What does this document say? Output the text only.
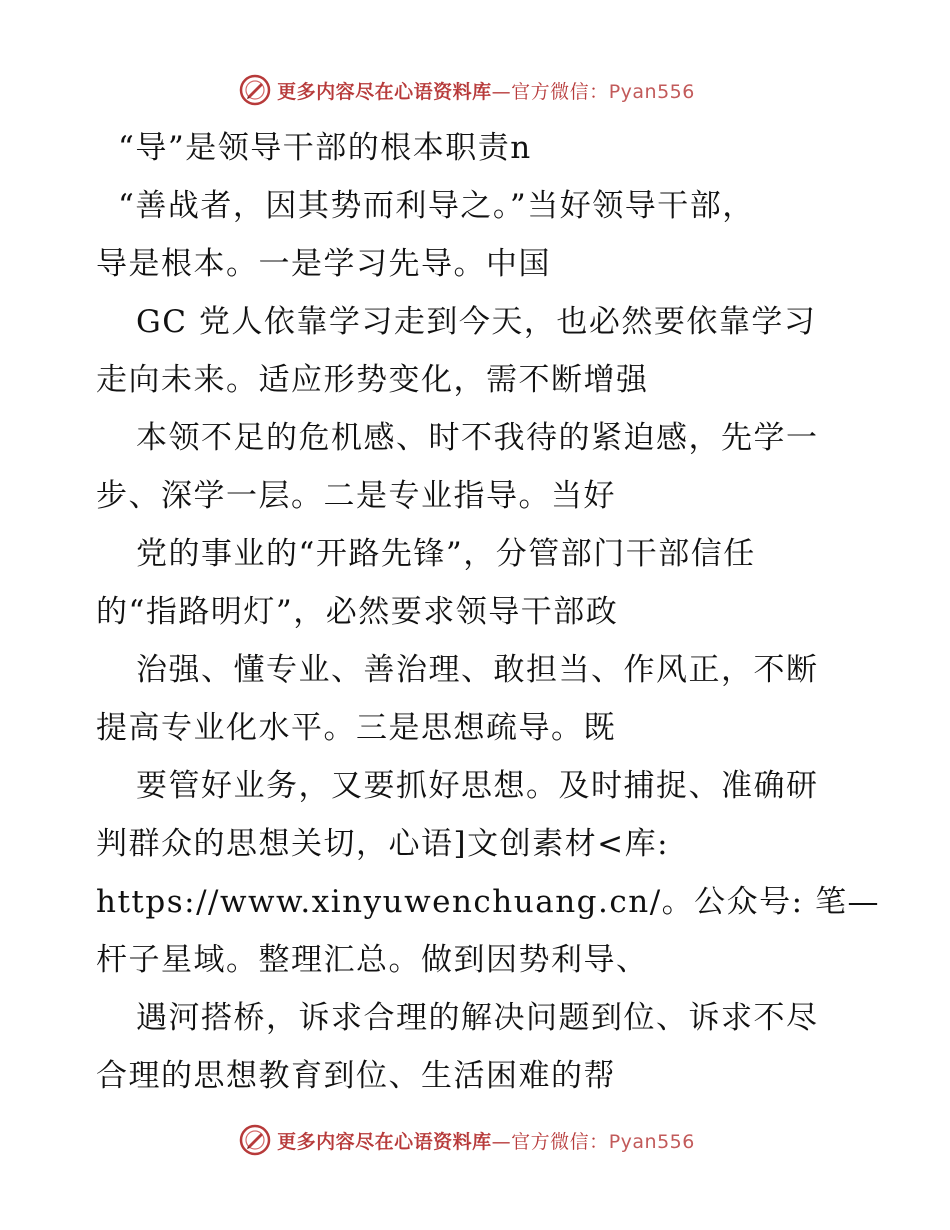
更多内容尽在心语资料库—官方微信：Pyan556
“导”是领导干部的根本职责n
“善战者，因其势而利导之。”当好领导干部，
导是根本。一是学习先导。中国
GC 党人依靠学习走到今天，也必然要依靠学习
走向未来。适应形势变化，需不断增强
本领不足的危机感、时不我待的紧迫感，先学一
步、深学一层。二是专业指导。当好
党的事业的“开路先锋”，分管部门干部信任
的“指路明灯”，必然要求领导干部政
治强、懂专业、善治理、敢担当、作风正，不断
提高专业化水平。三是思想疏导。既
要管好业务，又要抓好思想。及时捕捉、准确研
判群众的思想关切，心语]文创素材<库:
https://www.xinyuwenchuang.cn/。公众号: 笔—
杆子星域。整理汇总。做到因势利导、
遇河搭桥，诉求合理的解决问题到位、诉求不尽
合理的思想教育到位、生活困难的帮
更多内容尽在心语资料库—官方微信：Pyan556
